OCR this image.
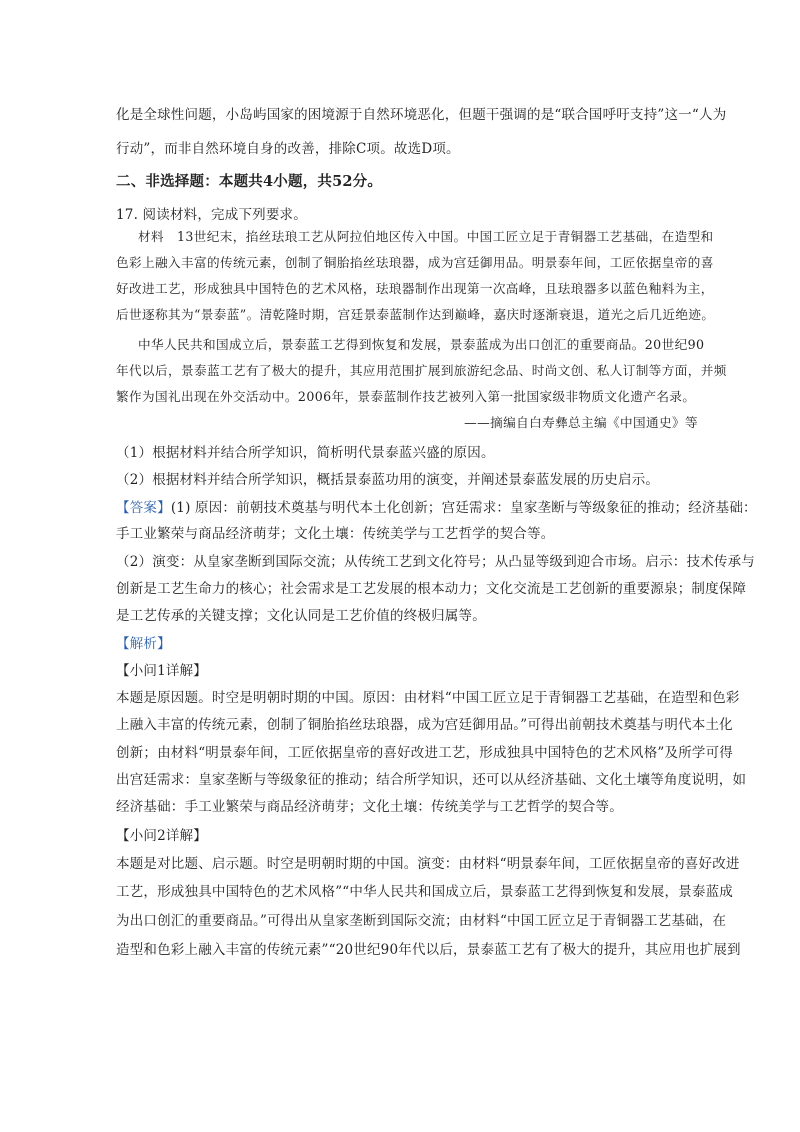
化是全球性问题，小岛屿国家的困境源于自然环境恶化，但题干强调的是“联合国呼吁支持”这一“人为
行动”，而非自然环境自身的改善，排除C项。故选D项。
二、非选择题：本题共4小题，共52分。
17. 阅读材料，完成下列要求。
材料　13世纪末，掐丝珐琅工艺从阿拉伯地区传入中国。中国工匠立足于青铜器工艺基础，在造型和
色彩上融入丰富的传统元素，创制了铜胎掐丝珐琅器，成为宫廷御用品。明景泰年间，工匠依据皇帝的喜
好改进工艺，形成独具中国特色的艺术风格，珐琅器制作出现第一次高峰，且珐琅器多以蓝色釉料为主，
后世逐称其为“景泰蓝”。清乾隆时期，宫廷景泰蓝制作达到巅峰，嘉庆时逐渐衰退，道光之后几近绝迹。
中华人民共和国成立后，景泰蓝工艺得到恢复和发展，景泰蓝成为出口创汇的重要商品。20世纪90
年代以后，景泰蓝工艺有了极大的提升，其应用范围扩展到旅游纪念品、时尚文创、私人订制等方面，并频
繁作为国礼出现在外交活动中。2006年，景泰蓝制作技艺被列入第一批国家级非物质文化遗产名录。
——摘编自白寿彝总主编《中国通史》等
（1）根据材料并结合所学知识，简析明代景泰蓝兴盛的原因。
（2）根据材料并结合所学知识，概括景泰蓝功用的演变，并阐述景泰蓝发展的历史启示。
【答案】(1) 原因：前朝技术奠基与明代本土化创新；宫廷需求：皇家垄断与等级象征的推动；经济基础：
手工业繁荣与商品经济萌芽；文化土壤：传统美学与工艺哲学的契合等。
（2）演变：从皇家垄断到国际交流；从传统工艺到文化符号；从凸显等级到迎合市场。启示：技术传承与
创新是工艺生命力的核心；社会需求是工艺发展的根本动力；文化交流是工艺创新的重要源泉；制度保障
是工艺传承的关键支撑；文化认同是工艺价值的终极归属等。
【解析】
【小问1详解】
本题是原因题。时空是明朝时期的中国。原因：由材料“中国工匠立足于青铜器工艺基础，在造型和色彩
上融入丰富的传统元素，创制了铜胎掐丝珐琅器，成为宫廷御用品。”可得出前朝技术奠基与明代本土化
创新；由材料“明景泰年间，工匠依据皇帝的喜好改进工艺，形成独具中国特色的艺术风格”及所学可得
出宫廷需求：皇家垄断与等级象征的推动；结合所学知识，还可以从经济基础、文化土壤等角度说明，如
经济基础：手工业繁荣与商品经济萌芽；文化土壤：传统美学与工艺哲学的契合等。
【小问2详解】
本题是对比题、启示题。时空是明朝时期的中国。演变：由材料“明景泰年间，工匠依据皇帝的喜好改进
工艺，形成独具中国特色的艺术风格”“中华人民共和国成立后，景泰蓝工艺得到恢复和发展，景泰蓝成
为出口创汇的重要商品。”可得出从皇家垄断到国际交流；由材料“中国工匠立足于青铜器工艺基础，在
造型和色彩上融入丰富的传统元素”“20世纪90年代以后，景泰蓝工艺有了极大的提升，其应用也扩展到
